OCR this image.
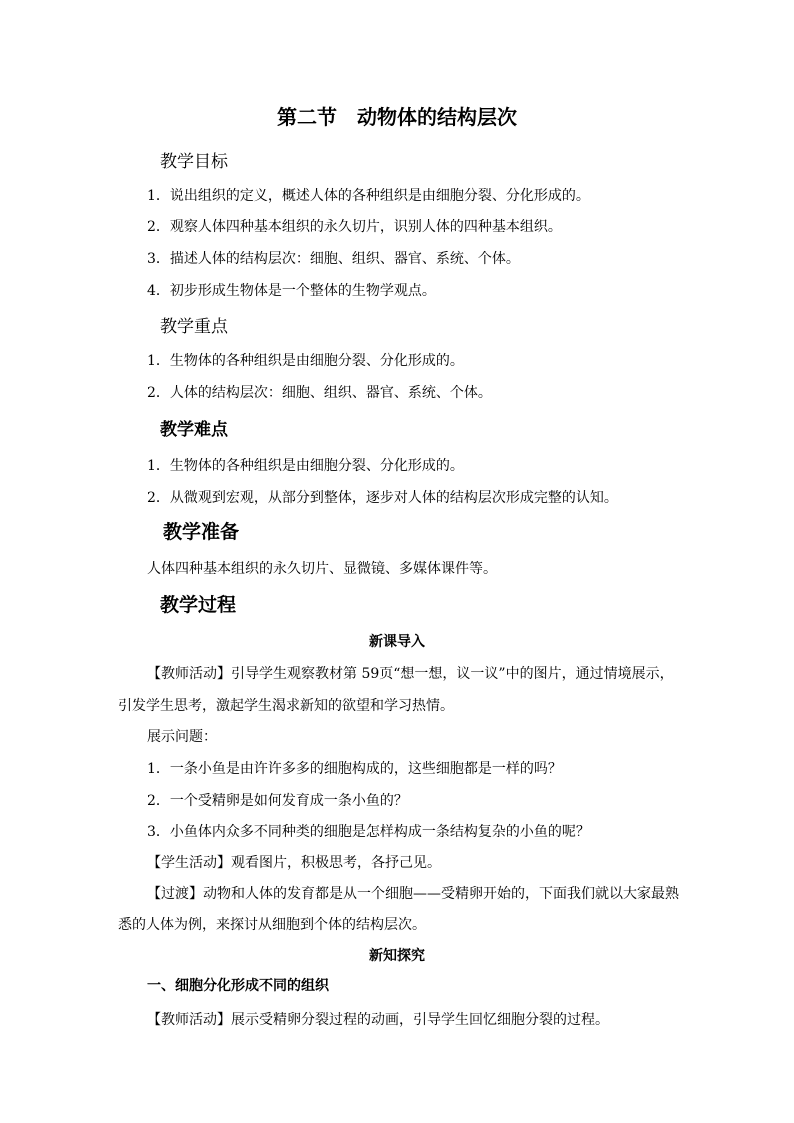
第二节　动物体的结构层次
教学目标
1．说出组织的定义，概述人体的各种组织是由细胞分裂、分化形成的。
2．观察人体四种基本组织的永久切片，识别人体的四种基本组织。
3．描述人体的结构层次：细胞、组织、器官、系统、个体。
4．初步形成生物体是一个整体的生物学观点。
教学重点
1．生物体的各种组织是由细胞分裂、分化形成的。
2．人体的结构层次：细胞、组织、器官、系统、个体。
教学难点
1．生物体的各种组织是由细胞分裂、分化形成的。
2．从微观到宏观，从部分到整体，逐步对人体的结构层次形成完整的认知。
教学准备
人体四种基本组织的永久切片、显微镜、多媒体课件等。
教学过程
新课导入
【教师活动】引导学生观察教材第 59页“想一想，议一议”中的图片，通过情境展示，
引发学生思考，激起学生渴求新知的欲望和学习热情。
展示问题：
1．一条小鱼是由许许多多的细胞构成的，这些细胞都是一样的吗？
2．一个受精卵是如何发育成一条小鱼的？
3．小鱼体内众多不同种类的细胞是怎样构成一条结构复杂的小鱼的呢？
【学生活动】观看图片，积极思考，各抒己见。
【过渡】动物和人体的发育都是从一个细胞——受精卵开始的，下面我们就以大家最熟
悉的人体为例，来探讨从细胞到个体的结构层次。
新知探究
一、细胞分化形成不同的组织
【教师活动】展示受精卵分裂过程的动画，引导学生回忆细胞分裂的过程。
